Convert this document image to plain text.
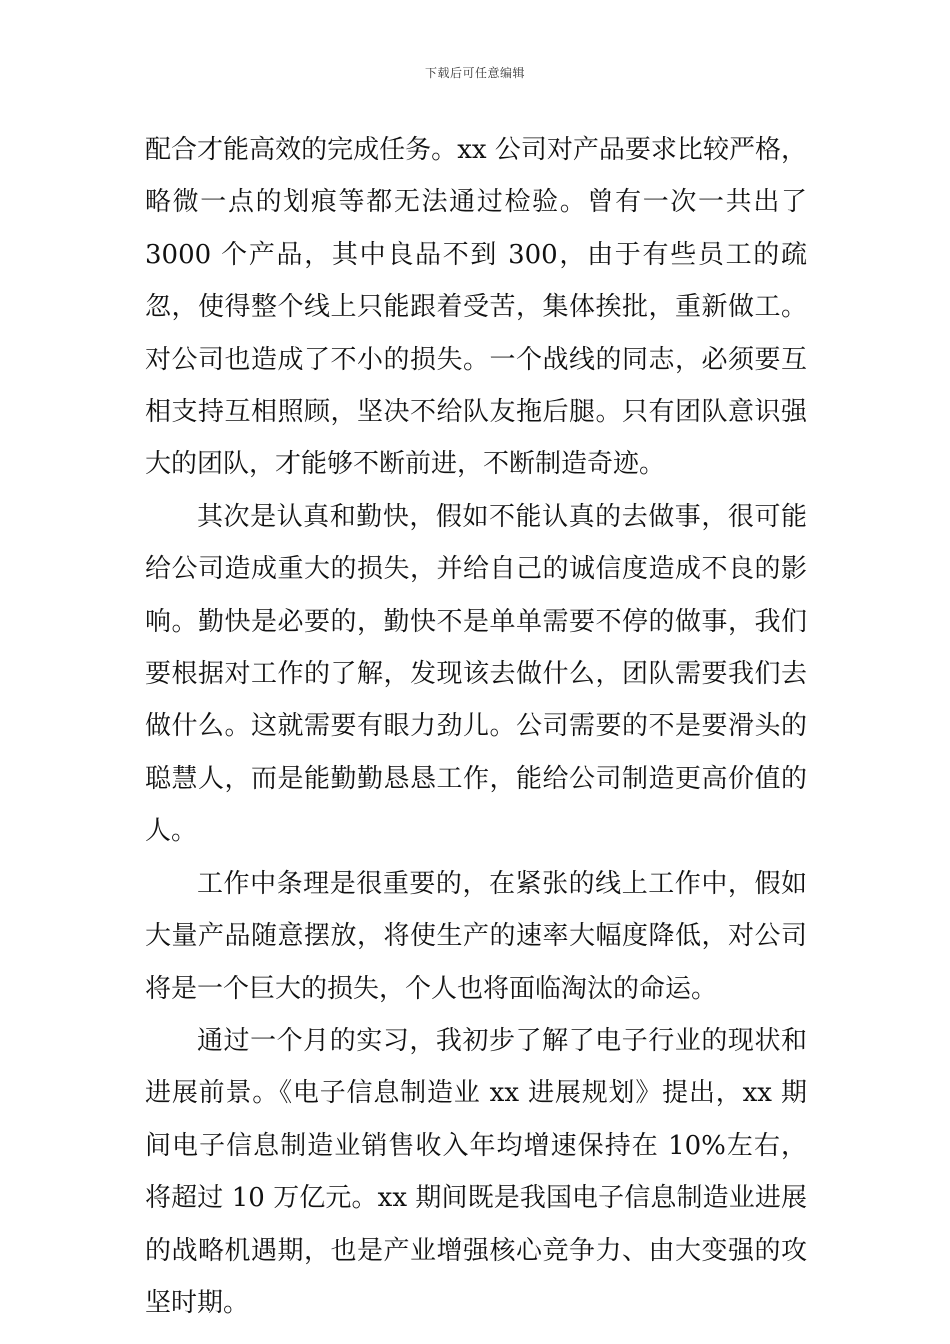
下载后可任意编辑

配合才能高效的完成任务。xx 公司对产品要求比较严格，略微一点的划痕等都无法通过检验。曾有一次一共出了 3000 个产品，其中良品不到 300，由于有些员工的疏忽，使得整个线上只能跟着受苦，集体挨批，重新做工。对公司也造成了不小的损失。一个战线的同志，必须要互相支持互相照顾，坚决不给队友拖后腿。只有团队意识强大的团队，才能够不断前进，不断制造奇迹。

其次是认真和勤快，假如不能认真的去做事，很可能给公司造成重大的损失，并给自己的诚信度造成不良的影响。勤快是必要的，勤快不是单单需要不停的做事，我们要根据对工作的了解，发现该去做什么，团队需要我们去做什么。这就需要有眼力劲儿。公司需要的不是要滑头的聪慧人，而是能勤勤恳恳工作，能给公司制造更高价值的人。

工作中条理是很重要的，在紧张的线上工作中，假如大量产品随意摆放，将使生产的速率大幅度降低，对公司将是一个巨大的损失，个人也将面临淘汰的命运。

通过一个月的实习，我初步了解了电子行业的现状和进展前景。《电子信息制造业 xx 进展规划》提出，xx 期间电子信息制造业销售收入年均增速保持在 10%左右，将超过 10 万亿元。xx 期间既是我国电子信息制造业进展的战略机遇期，也是产业增强核心竞争力、由大变强的攻坚时期。
